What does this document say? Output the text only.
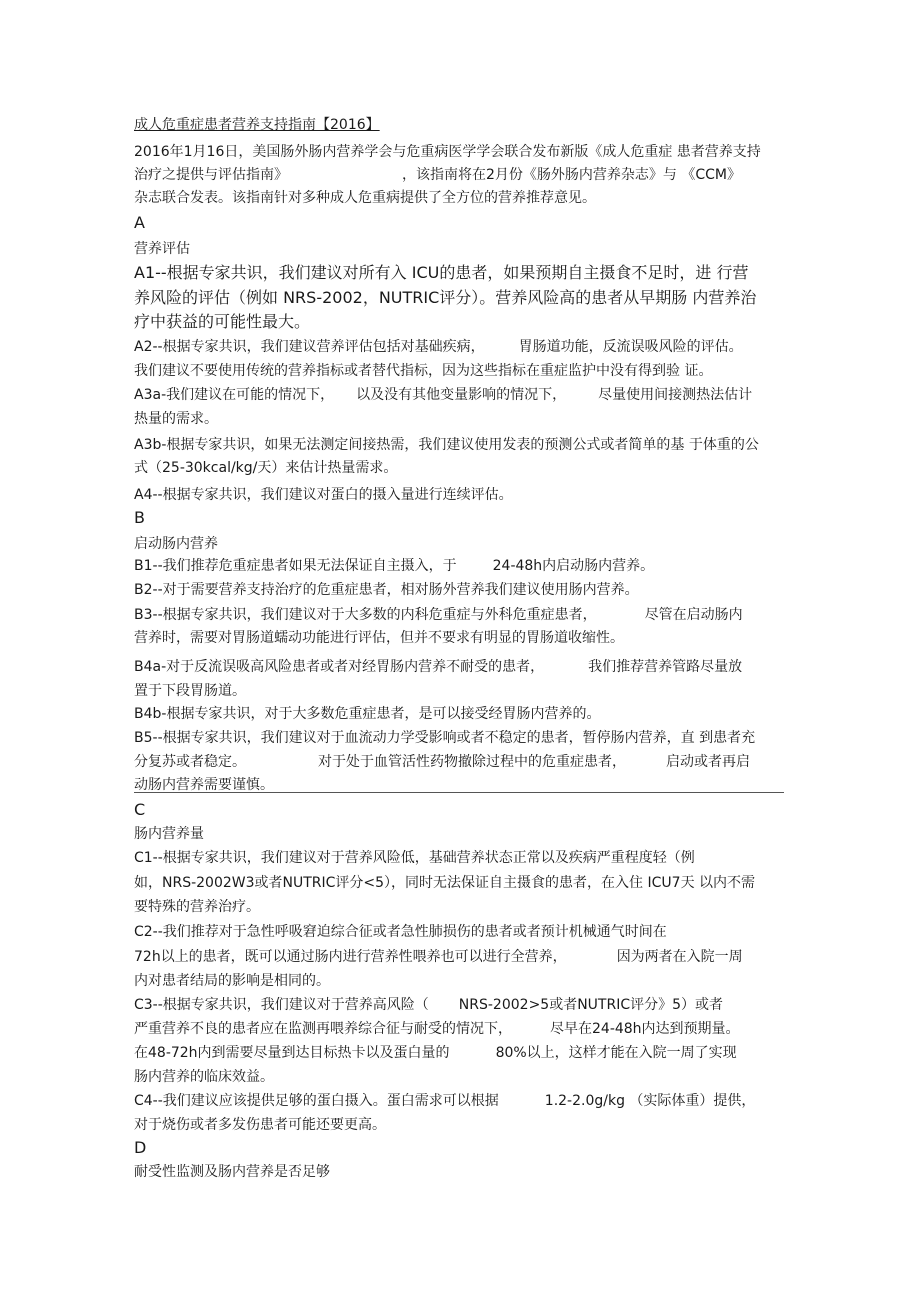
成人危重症患者营养支持指南【2016】
2016年1月16日，美国肠外肠内营养学会与危重病医学学会联合发布新版《成人危重症 患者营养支持
治疗之提供与评估指南》	，该指南将在2月份《肠外肠内营养杂志》与 《CCM》
杂志联合发表。该指南针对多种成人危重病提供了全方位的营养推荐意见。
A
营养评估
A1--根据专家共识，我们建议对所有入 ICU的患者，如果预期自主摄食不足时，进 行营
养风险的评估（例如 NRS-2002，NUTRIC评分）。营养风险高的患者从早期肠 内营养治
疗中获益的可能性最大。
A2--根据专家共识，我们建议营养评估包括对基础疾病， 胃肠道功能，反流误吸风险的评估。
我们建议不要使用传统的营养指标或者替代指标，因为这些指标在重症监护中没有得到验 证。
A3a-我们建议在可能的情况下， 以及没有其他变量影响的情况下， 尽量使用间接测热法估计
热量的需求。
A3b-根据专家共识，如果无法测定间接热需，我们建议使用发表的预测公式或者简单的基 于体重的公
式（25-30kcal/kg/天）来估计热量需求。
A4--根据专家共识，我们建议对蛋白的摄入量进行连续评估。
B
启动肠内营养
B1--我们推荐危重症患者如果无法保证自主摄入，于	24-48h内启动肠内营养。
B2--对于需要营养支持治疗的危重症患者，相对肠外营养我们建议使用肠内营养。
B3--根据专家共识，我们建议对于大多数的内科危重症与外科危重症患者，	尽管在启动肠内
营养时，需要对胃肠道蠕动功能进行评估，但并不要求有明显的胃肠道收缩性。
B4a-对于反流误吸高风险患者或者对经胃肠内营养不耐受的患者，	我们推荐营养管路尽量放
置于下段胃肠道。
B4b-根据专家共识，对于大多数危重症患者，是可以接受经胃肠内营养的。
B5--根据专家共识，我们建议对于血流动力学受影响或者不稳定的患者，暂停肠内营养，直 到患者充
分复苏或者稳定。	对于处于血管活性药物撤除过程中的危重症患者，	启动或者再启
动肠内营养需要谨慎。
C
肠内营养量
C1--根据专家共识，我们建议对于营养风险低，基础营养状态正常以及疾病严重程度轻（例
如，NRS-2002W3或者NUTRIC评分<5），同时无法保证自主摄食的患者，在入住 ICU7天 以内不需
要特殊的营养治疗。
C2--我们推荐对于急性呼吸窘迫综合征或者急性肺损伤的患者或者预计机械通气时间在
72h以上的患者，既可以通过肠内进行营养性喂养也可以进行全营养，	因为两者在入院一周
内对患者结局的影响是相同的。
C3--根据专家共识，我们建议对于营养高风险（ NRS-2002>5或者NUTRIC评分》5）或者
严重营养不良的患者应在监测再喂养综合征与耐受的情况下，	尽早在24-48h内达到预期量。
在48-72h内到需要尽量到达目标热卡以及蛋白量的	80%以上，这样才能在入院一周了实现
肠内营养的临床效益。
C4--我们建议应该提供足够的蛋白摄入。蛋白需求可以根据	1.2-2.0g/kg （实际体重）提供，
对于烧伤或者多发伤患者可能还要更高。
D
耐受性监测及肠内营养是否足够
